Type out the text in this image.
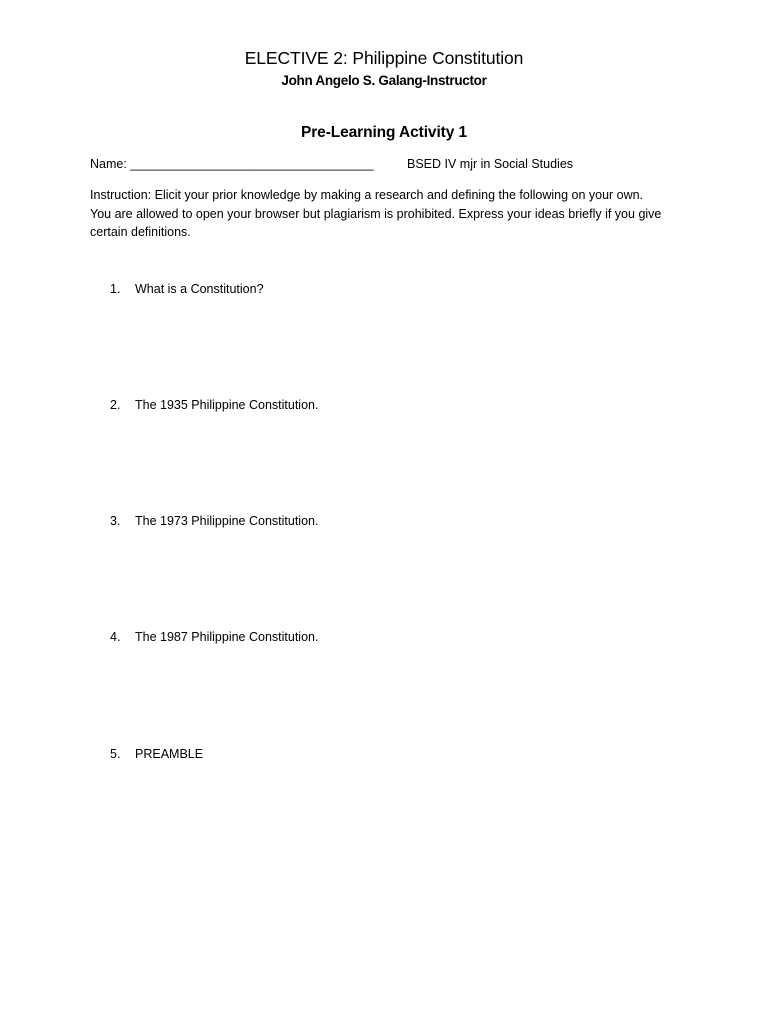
ELECTIVE 2: Philippine Constitution
John Angelo S. Galang-Instructor
Pre-Learning Activity 1
Name: ___________________________________	BSED IV mjr in Social Studies
Instruction: Elicit your prior knowledge by making a research and defining the following on your own.
You are allowed to open your browser but plagiarism is prohibited. Express your ideas briefly if you give
certain definitions.
1. What is a Constitution?
2. The 1935 Philippine Constitution.
3. The 1973 Philippine Constitution.
4. The 1987 Philippine Constitution.
5. PREAMBLE
